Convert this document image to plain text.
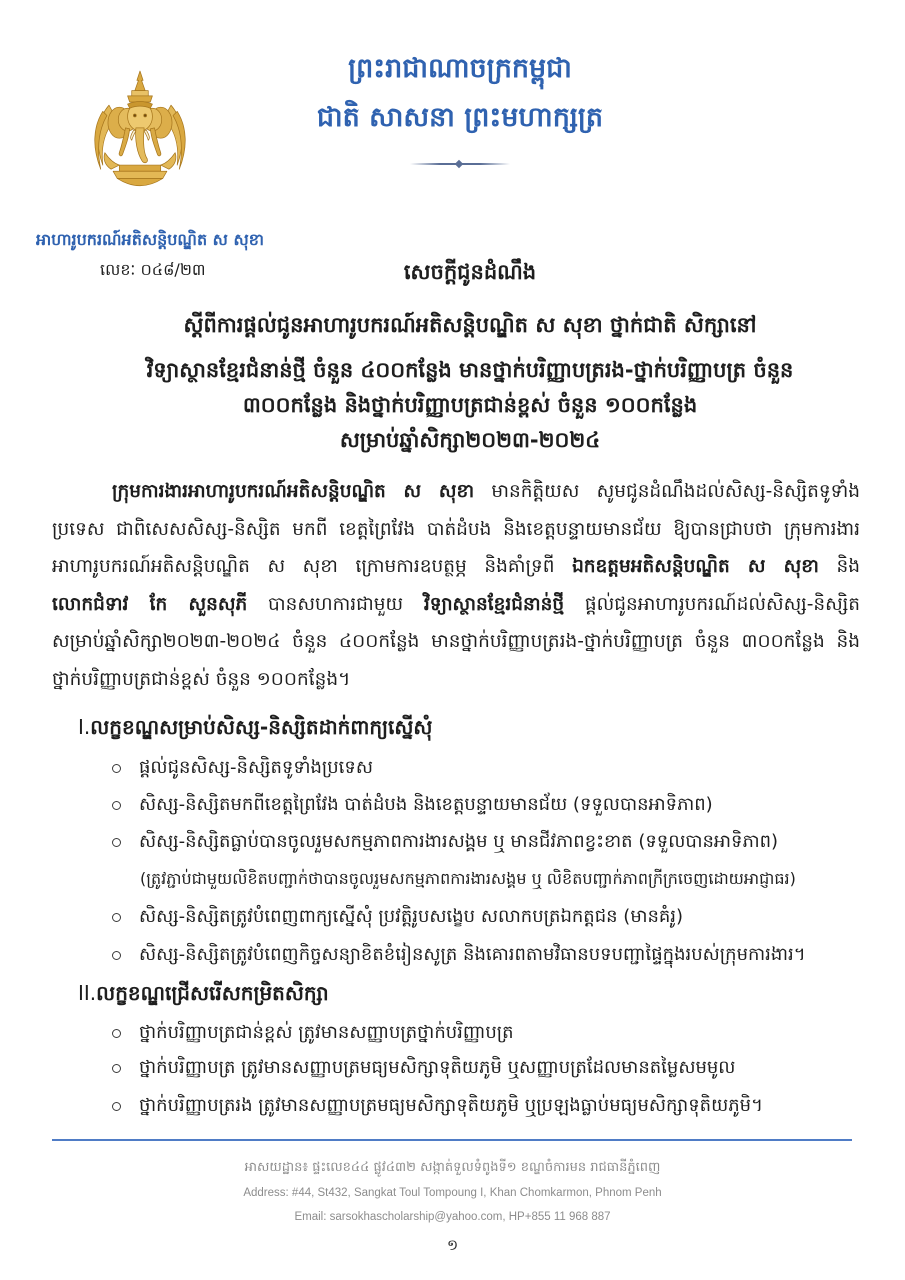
ព្រះរាជាណាចក្រកម្ពុជា
ជាតិ សាសនា ព្រះមហាក្សត្រ
អាហារូបករណ៍អតិសន្តិបណ្ឌិត ស សុខា
លេខៈ ០៤៨/២៣	សេចក្តីជូនដំណឹង
ស្តីពីការផ្តល់ជូនអាហារូបករណ៍អតិសន្តិបណ្ឌិត ស សុខា ថ្នាក់ជាតិ សិក្សានៅ
វិទ្យាស្ថានខ្មែរជំនាន់ថ្មី ចំនួន ៤០០កន្លែង មានថ្នាក់បរិញ្ញាបត្ររង-ថ្នាក់បរិញ្ញាបត្រ ចំនួន
៣០០កន្លែង និងថ្នាក់បរិញ្ញាបត្រជាន់ខ្ពស់ ចំនួន ១០០កន្លែង
សម្រាប់ឆ្នាំសិក្សា២០២៣-២០២៤
ក្រុមការងារអាហារូបករណ៍អតិសន្តិបណ្ឌិត ស សុខា មានកិត្តិយស សូមជូនដំណឹងដល់សិស្ស-និស្សិតទូទាំង
ប្រទេស ជាពិសេសសិស្ស-និស្សិត មកពី ខេត្តព្រៃវែង បាត់ដំបង និងខេត្តបន្ទាយមានជ័យ ឱ្យបានជ្រាបថា ក្រុមការងារ
អាហារូបករណ៍អតិសន្តិបណ្ឌិត ស សុខា ក្រោមការឧបត្ថម្ភ និងគាំទ្រពី ឯកឧត្តមអតិសន្តិបណ្ឌិត ស សុខា និង
លោកជំទាវ កែ សួនសុភី បានសហការជាមួយ វិទ្យាស្ថានខ្មែរជំនាន់ថ្មី ផ្តល់ជូនអាហារូបករណ៍ដល់សិស្ស-និស្សិត
សម្រាប់ឆ្នាំសិក្សា២០២៣-២០២៤ ចំនួន ៤០០កន្លែង មានថ្នាក់បរិញ្ញាបត្ររង-ថ្នាក់បរិញ្ញាបត្រ ចំនួន ៣០០កន្លែង និង
ថ្នាក់បរិញ្ញាបត្រជាន់ខ្ពស់ ចំនួន ១០០កន្លែង។
I.លក្ខខណ្ឌសម្រាប់សិស្ស-និស្សិតដាក់ពាក្យស្នើសុំ
ផ្តល់ជូនសិស្ស-និស្សិតទូទាំងប្រទេស
សិស្ស-និស្សិតមកពីខេត្តព្រៃវែង បាត់ដំបង និងខេត្តបន្ទាយមានជ័យ (ទទួលបានអាទិភាព)
សិស្ស-និស្សិតធ្លាប់បានចូលរួមសកម្មភាពការងារសង្គម ឬ មានជីវភាពខ្វះខាត (ទទួលបានអាទិភាព)
(ត្រូវភ្ជាប់ជាមួយលិខិតបញ្ជាក់ថាបានចូលរួមសកម្មភាពការងារសង្គម ឬ លិខិតបញ្ជាក់ភាពក្រីក្រចេញដោយអាជ្ញាធរ)
សិស្ស-និស្សិតត្រូវបំពេញពាក្យស្នើសុំ ប្រវត្តិរូបសង្ខេប សលាកបត្រឯកត្តជន (មានគំរូ)
សិស្ស-និស្សិតត្រូវបំពេញកិច្ចសន្យាខិតខំរៀនសូត្រ និងគោរពតាមវិធានបទបញ្ជាផ្ទៃក្នុងរបស់ក្រុមការងារ។
II.លក្ខខណ្ឌជ្រើសរើសកម្រិតសិក្សា
ថ្នាក់បរិញ្ញាបត្រជាន់ខ្ពស់ ត្រូវមានសញ្ញាបត្រថ្នាក់បរិញ្ញាបត្រ
ថ្នាក់បរិញ្ញាបត្រ ត្រូវមានសញ្ញាបត្រមធ្យមសិក្សាទុតិយភូមិ ឬសញ្ញាបត្រដែលមានតម្លៃសមមូល
ថ្នាក់បរិញ្ញាបត្ររង ត្រូវមានសញ្ញាបត្រមធ្យមសិក្សាទុតិយភូមិ ឬប្រឡងធ្លាប់មធ្យមសិក្សាទុតិយភូមិ។
អាសយដ្ឋាន៖ ផ្ទះលេខ៤៤ ផ្លូវ៤៣២ សង្កាត់ទួលទំពូងទី១ ខណ្ឌចំការមន រាជធានីភ្នំពេញ
Address: #44, St432, Sangkat Toul Tompoung I, Khan Chomkarmon, Phnom Penh
Email: sarsokhascholarship@yahoo.com, HP+855 11 968 887
១
